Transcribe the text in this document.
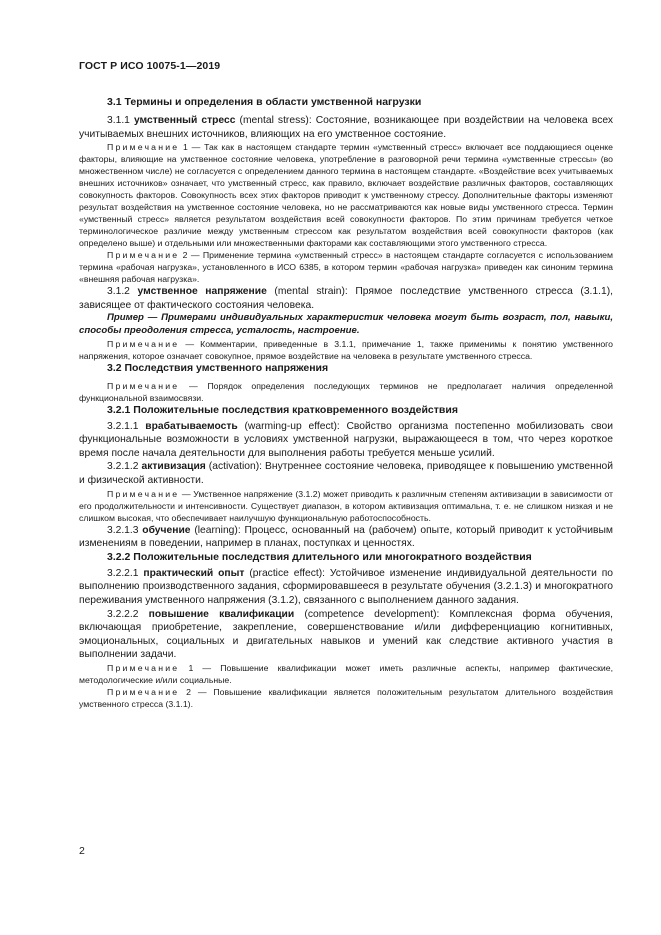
ГОСТ Р ИСО 10075-1—2019
3.1 Термины и определения в области умственной нагрузки

3.1.1 умственный стресс (mental stress): Состояние, возникающее при воздействии на человека всех учитываемых внешних источников, влияющих на его умственное состояние.

Примечание 1 — Так как в настоящем стандарте термин «умственный стресс» включает все поддающиеся оценке факторы, влияющие на умственное состояние человека, употребление в разговорной речи термина «умственные стрессы» (во множественном числе) не согласуется с определением данного термина в настоящем стандарте. «Воздействие всех учитываемых внешних источников» означает, что умственный стресс, как правило, включает воздействие различных факторов, составляющих совокупность факторов. Совокупность всех этих факторов приводит к умственному стрессу. Дополнительные факторы изменяют результат воздействия на умственное состояние человека, но не рассматриваются как новые виды умственного стресса. Термин «умственный стресс» является результатом воздействия всей совокупности факторов. По этим причинам требуется четкое терминологическое различие между умственным стрессом как результатом воздействия всей совокупности факторов (как определено выше) и отдельными или множественными факторами как составляющими этого умственного стресса.

Примечание 2 — Применение термина «умственный стресс» в настоящем стандарте согласуется с использованием термина «рабочая нагрузка», установленного в ИСО 6385, в котором термин «рабочая нагрузка» приведен как синоним термина «внешняя рабочая нагрузка».

3.1.2 умственное напряжение (mental strain): Прямое последствие умственного стресса (3.1.1), зависящее от фактического состояния человека.

Пример — Примерами индивидуальных характеристик человека могут быть возраст, пол, навыки, способы преодоления стресса, усталость, настроение.

Примечание — Комментарии, приведенные в 3.1.1, примечание 1, также применимы к понятию умственного напряжения, которое означает совокупное, прямое воздействие на человека в результате умственного стресса.

3.2 Последствия умственного напряжения

Примечание — Порядок определения последующих терминов не предполагает наличия определенной функциональной взаимосвязи.

3.2.1 Положительные последствия кратковременного воздействия

3.2.1.1 врабатываемость (warming-up effect): Свойство организма постепенно мобилизовать свои функциональные возможности в условиях умственной нагрузки, выражающееся в том, что через короткое время после начала деятельности для выполнения работы требуется меньше усилий.

3.2.1.2 активизация (activation): Внутреннее состояние человека, приводящее к повышению умственной и физической активности.

Примечание — Умственное напряжение (3.1.2) может приводить к различным степеням активизации в зависимости от его продолжительности и интенсивности. Существует диапазон, в котором активизация оптимальна, т. е. не слишком низкая и не слишком высокая, что обеспечивает наилучшую функциональную работоспособность.

3.2.1.3 обучение (learning): Процесс, основанный на (рабочем) опыте, который приводит к устойчивым изменениям в поведении, например в планах, поступках и ценностях.

3.2.2 Положительные последствия длительного или многократного воздействия

3.2.2.1 практический опыт (practice effect): Устойчивое изменение индивидуальной деятельности по выполнению производственного задания, сформировавшееся в результате обучения (3.2.1.3) и многократного переживания умственного напряжения (3.1.2), связанного с выполнением данного задания.

3.2.2.2 повышение квалификации (competence development): Комплексная форма обучения, включающая приобретение, закрепление, совершенствование и/или дифференциацию когнитивных, эмоциональных, социальных и двигательных навыков и умений как следствие активного участия в выполнении задачи.

Примечание 1 — Повышение квалификации может иметь различные аспекты, например фактические, методологические и/или социальные.

Примечание 2 — Повышение квалификации является положительным результатом длительного воздействия умственного стресса (3.1.1).

2
